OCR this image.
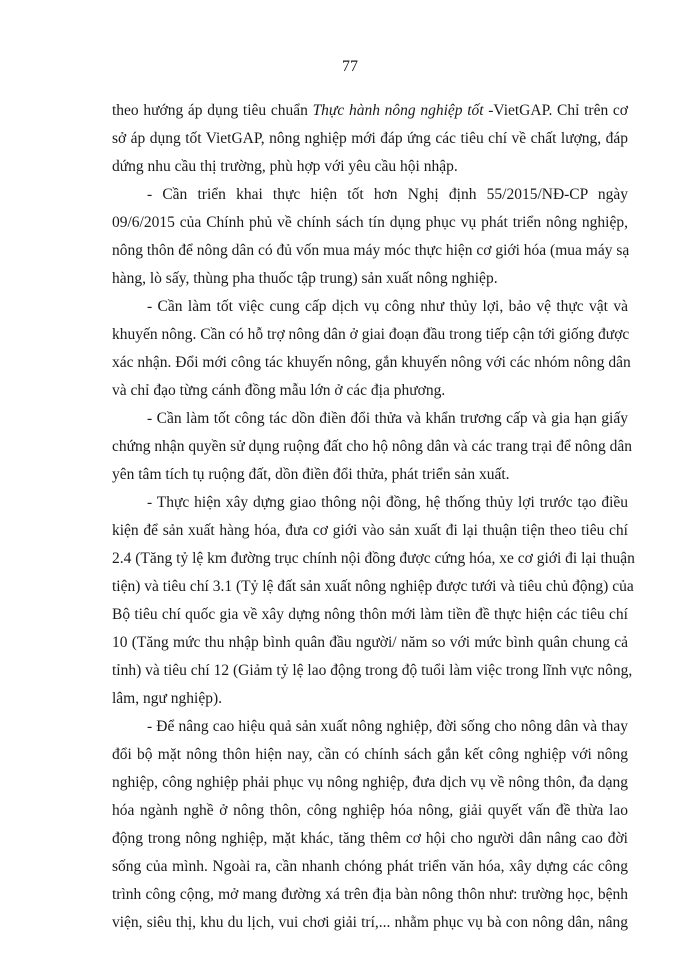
77
theo hướng áp dụng tiêu chuẩn Thực hành nông nghiệp tốt -VietGAP. Chỉ trên cơ
sở áp dụng tốt VietGAP, nông nghiệp mới đáp ứng các tiêu chí về chất lượng, đáp
dứng nhu cầu thị trường, phù hợp với yêu cầu hội nhập.
- Cần triển khai thực hiện tốt hơn Nghị định 55/2015/NĐ-CP ngày
09/6/2015 của Chính phủ về chính sách tín dụng phục vụ phát triển nông nghiệp,
nông thôn để nông dân có đủ vốn mua máy móc thực hiện cơ giới hóa (mua máy sạ
hàng, lò sấy, thùng pha thuốc tập trung) sản xuất nông nghiệp.
- Cần làm tốt việc cung cấp dịch vụ công như thủy lợi, bảo vệ thực vật và
khuyến nông. Cần có hỗ trợ nông dân ở giai đoạn đầu trong tiếp cận tới giống được
xác nhận. Đổi mới công tác khuyến nông, gắn khuyến nông với các nhóm nông dân
và chỉ đạo từng cánh đồng mẫu lớn ở các địa phương.
- Cần làm tốt công tác dồn điền đổi thửa và khẩn trương cấp và gia hạn giấy
chứng nhận quyền sử dụng ruộng đất cho hộ nông dân và các trang trại để nông dân
yên tâm tích tụ ruộng đất, dồn điền đổi thửa, phát triển sản xuất.
- Thực hiện xây dựng giao thông nội đồng, hệ thống thủy lợi trước tạo điều
kiện để sản xuất hàng hóa, đưa cơ giới vào sản xuất đi lại thuận tiện theo tiêu chí
2.4 (Tăng tỷ lệ km đường trục chính nội đồng được cứng hóa, xe cơ giới đi lại thuận
tiện) và tiêu chí 3.1 (Tỷ lệ đất sản xuất nông nghiệp được tưới và tiêu chủ động) của
Bộ tiêu chí quốc gia về xây dựng nông thôn mới làm tiền đề thực hiện các tiêu chí
10 (Tăng mức thu nhập bình quân đầu người/ năm so với mức bình quân chung cả
tỉnh) và tiêu chí 12 (Giảm tỷ lệ lao động trong độ tuổi làm việc trong lĩnh vực nông,
lâm, ngư nghiệp).
- Để nâng cao hiệu quả sản xuất nông nghiệp, đời sống cho nông dân và thay
đổi bộ mặt nông thôn hiện nay, cần có chính sách gắn kết công nghiệp với nông
nghiệp, công nghiệp phải phục vụ nông nghiệp, đưa dịch vụ về nông thôn, đa dạng
hóa ngành nghề ở nông thôn, công nghiệp hóa nông, giải quyết vấn đề thừa lao
động trong nông nghiệp, mặt khác, tăng thêm cơ hội cho người dân nâng cao đời
sống của mình. Ngoài ra, cần nhanh chóng phát triển văn hóa, xây dựng các công
trình công cộng, mở mang đường xá trên địa bàn nông thôn như: trường học, bệnh
viện, siêu thị, khu du lịch, vui chơi giải trí,... nhằm phục vụ bà con nông dân, nâng
